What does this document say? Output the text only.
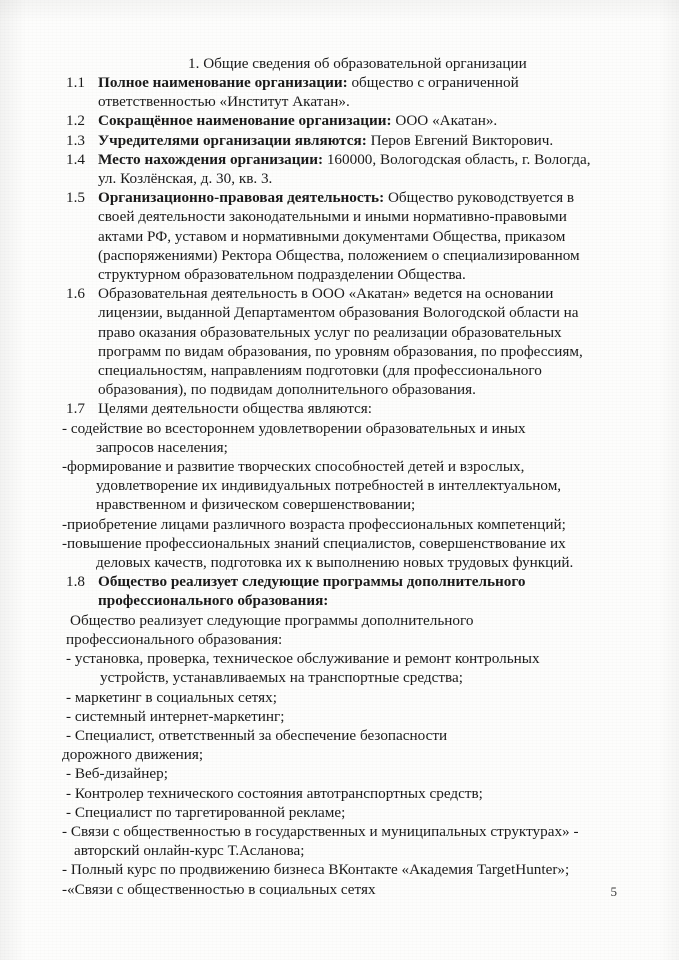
1. Общие сведения об образовательной организации
1.1 Полное наименование организации: общество с ограниченной

ответственностью «Институт Акатан».

1.2 Сокращённое наименование организации: ООО «Акатан».
1.3 Учредителями организации являются: Перов Евгений Викторович.
1.4 Место нахождения организации: 160000, Вологодская область, г. Вологда,

ул. Козлёнская, д. 30, кв. 3.

1.5 Организационно-правовая деятельность: Общество руководствуется в

своей деятельности законодательными и иными нормативно-правовыми

актами РФ, уставом и нормативными документами Общества, приказом

(распоряжениями) Ректора Общества, положением о специализированном

структурном образовательном подразделении Общества.

1.6 Образовательная деятельность в ООО «Акатан» ведется на основании

лицензии, выданной Департаментом образования Вологодской области на

право оказания образовательных услуг по реализации образовательных

программ по видам образования, по уровням образования, по профессиям,

специальностям, направлениям подготовки (для профессионального

образования), по подвидам дополнительного образования.

1.7 Целями деятельности общества являются:
- содействие во всестороннем удовлетворении образовательных и иных
запросов населения;
-формирование и развитие творческих способностей детей и взрослых,
удовлетворение их индивидуальных потребностей в интеллектуальном,
нравственном и физическом совершенствовании;
-приобретение лицами различного возраста профессиональных компетенций;
-повышение профессиональных знаний специалистов, совершенствование их
деловых качеств, подготовка их к выполнению новых трудовых функций.
1.8 Общество реализует следующие программы дополнительного

профессионального образования:

Общество реализует следующие программы дополнительного
профессионального образования:
- установка, проверка, техническое обслуживание и ремонт контрольных
устройств, устанавливаемых на транспортные средства;
- маркетинг в социальных сетях;
- системный интернет-маркетинг;
- Специалист, ответственный за обеспечение безопасности
дорожного движения;
- Веб-дизайнер;
- Контролер технического состояния автотранспортных средств;
- Специалист по таргетированной рекламе;
- Связи с общественностью в государственных и муниципальных структурах» -
авторский онлайн-курс Т.Асланова;
- Полный курс по продвижению бизнеса ВКонтакте «Академия TargetHunter»;
-«Связи с общественностью в социальных сетях	5
